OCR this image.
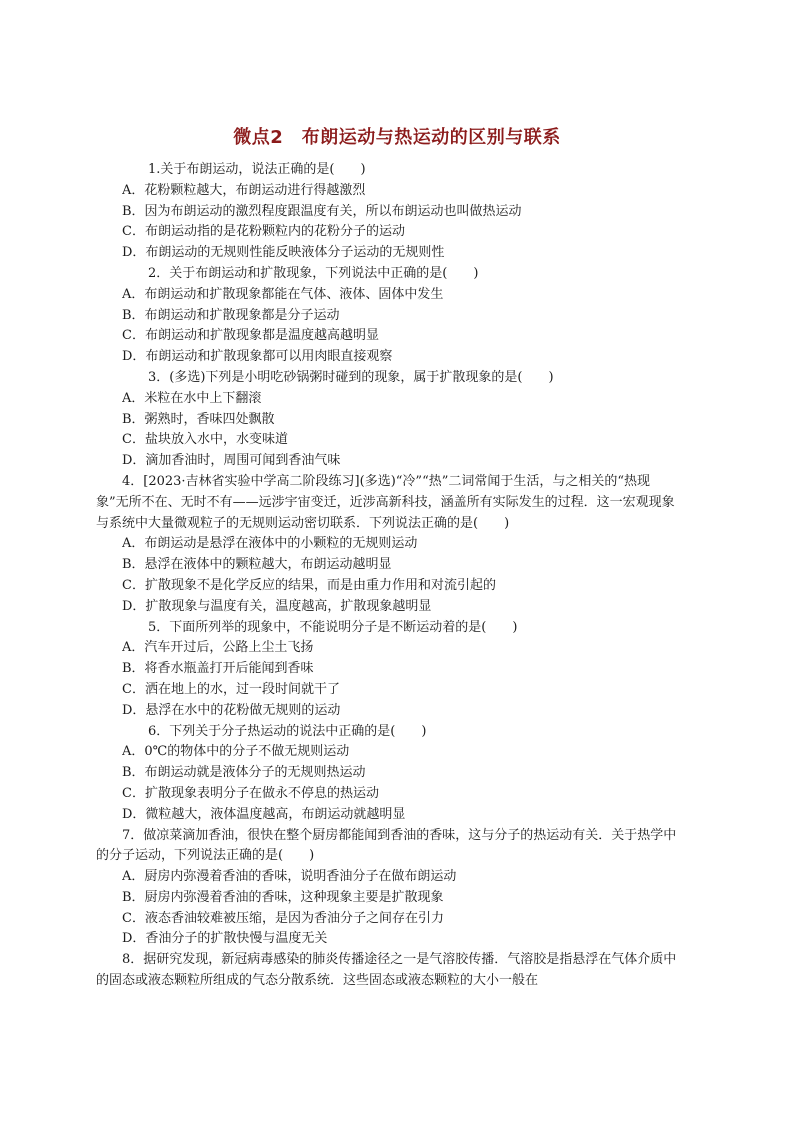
微点2　布朗运动与热运动的区别与联系
1.关于布朗运动，说法正确的是(　　)
A．花粉颗粒越大，布朗运动进行得越激烈
B．因为布朗运动的激烈程度跟温度有关，所以布朗运动也叫做热运动
C．布朗运动指的是花粉颗粒内的花粉分子的运动
D．布朗运动的无规则性能反映液体分子运动的无规则性
2．关于布朗运动和扩散现象，下列说法中正确的是(　　)
A．布朗运动和扩散现象都能在气体、液体、固体中发生
B．布朗运动和扩散现象都是分子运动
C．布朗运动和扩散现象都是温度越高越明显
D．布朗运动和扩散现象都可以用肉眼直接观察
3．(多选)下列是小明吃砂锅粥时碰到的现象，属于扩散现象的是(　　)
A．米粒在水中上下翻滚
B．粥熟时，香味四处飘散
C．盐块放入水中，水变味道
D．滴加香油时，周围可闻到香油气味
4．[2023·吉林省实验中学高二阶段练习](多选)“冷”“热”二词常闻于生活，与之相关的“热现象”无所不在、无时不有——远涉宇宙变迁，近涉高新科技，涵盖所有实际发生的过程．这一宏观现象与系统中大量微观粒子的无规则运动密切联系．下列说法正确的是(　　)
A．布朗运动是悬浮在液体中的小颗粒的无规则运动
B．悬浮在液体中的颗粒越大，布朗运动越明显
C．扩散现象不是化学反应的结果，而是由重力作用和对流引起的
D．扩散现象与温度有关，温度越高，扩散现象越明显
5．下面所列举的现象中，不能说明分子是不断运动着的是(　　)
A．汽车开过后，公路上尘土飞扬
B．将香水瓶盖打开后能闻到香味
C．洒在地上的水，过一段时间就干了
D．悬浮在水中的花粉做无规则的运动
6．下列关于分子热运动的说法中正确的是(　　)
A．0℃的物体中的分子不做无规则运动
B．布朗运动就是液体分子的无规则热运动
C．扩散现象表明分子在做永不停息的热运动
D．微粒越大，液体温度越高，布朗运动就越明显
7．做凉菜滴加香油，很快在整个厨房都能闻到香油的香味，这与分子的热运动有关．关于热学中的分子运动，下列说法正确的是(　　)
A．厨房内弥漫着香油的香味，说明香油分子在做布朗运动
B．厨房内弥漫着香油的香味，这种现象主要是扩散现象
C．液态香油较难被压缩，是因为香油分子之间存在引力
D．香油分子的扩散快慢与温度无关
8．据研究发现，新冠病毒感染的肺炎传播途径之一是气溶胶传播．气溶胶是指悬浮在气体介质中的固态或液态颗粒所组成的气态分散系统．这些固态或液态颗粒的大小一般在
